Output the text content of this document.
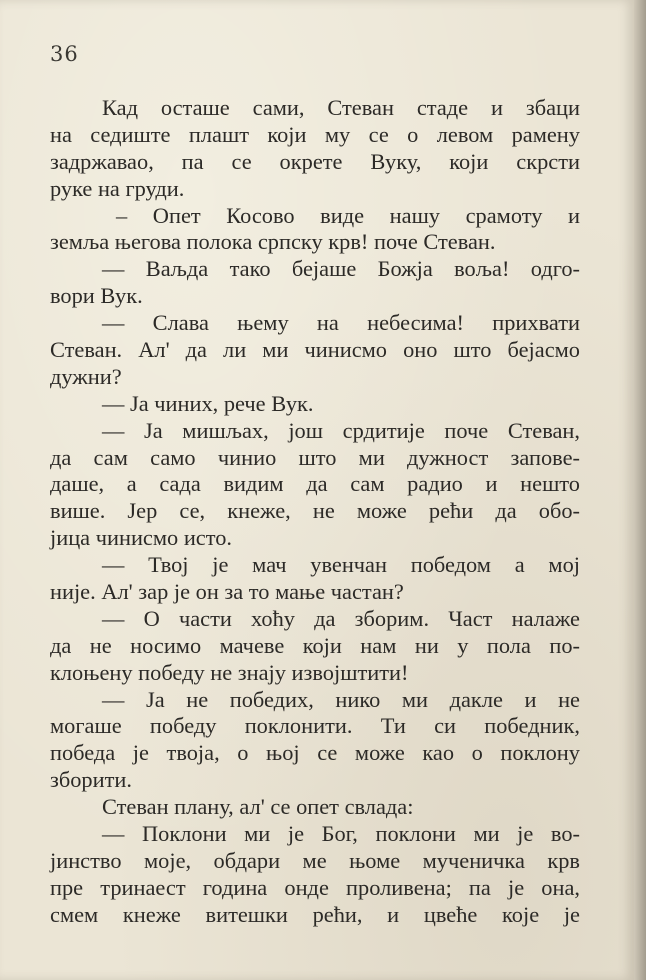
36
Кад осташе сами, Стеван стаде и збаци
на седиште плашт који му се о левом рамену
задржавао, па се окрете Вуку, који скрсти
руке на груди.
– Опет Косово виде нашу срамоту и
земља његова полока српску крв! поче Стеван.
— Ваљда тако бејаше Божја воља! одго-
вори Вук.
— Слава њему на небесима! прихвати
Стеван. Ал' да ли ми чинисмо оно што бејасмо
дужни?
— Ја чиних, рече Вук.
— Ја мишљах, још срдитије поче Стеван,
да сам само чинио што ми дужност запове-
даше, а сада видим да сам радио и нешто
више. Јер се, кнеже, не може рећи да обо-
јица чинисмо исто.
— Твој је мач увенчан победом а мој
није. Ал' зар је он за то мање частан?
— О части хоћу да зборим. Част налаже
да не носимо мачеве који нам ни у пола по-
клоњену победу не знају извојштити!
— Ја не победих, нико ми дакле и не
могаше победу поклонити. Ти си победник,
победа је твоја, о њој се може као о поклону
зборити.
Стеван плану, ал' се опет свлада:
— Поклони ми је Бог, поклони ми је во-
јинство моје, обдари ме њоме мученичка крв
пре тринаест година онде проливена; па је она,
смем кнеже витешки рећи, и цвеће које је
